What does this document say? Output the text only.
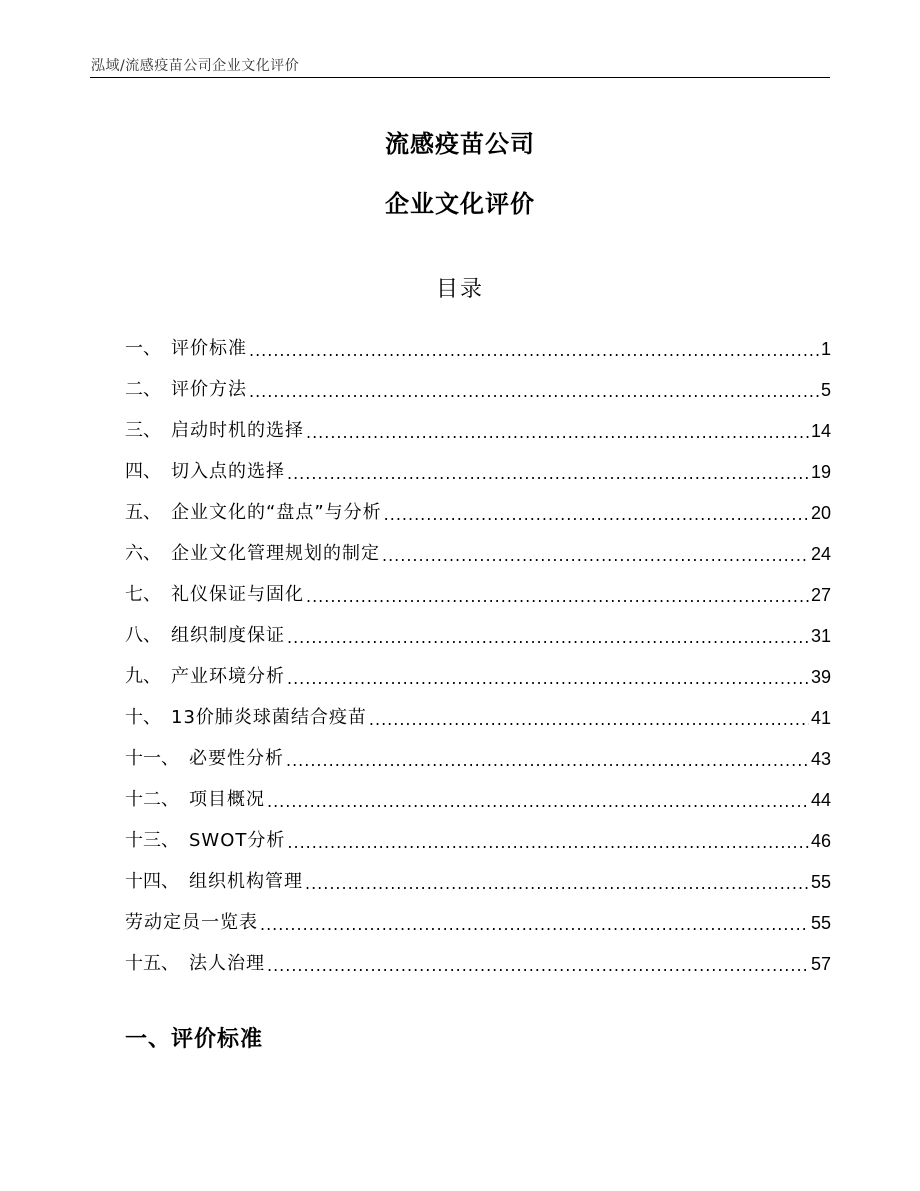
泓域/流感疫苗公司企业文化评价
流感疫苗公司
企业文化评价
目录
一、 评价标准 .....	1
二、 评价方法 .....	5
三、 启动时机的选择 .....	14
四、 切入点的选择 .....	19
五、 企业文化的“盘点”与分析 .....	20
六、 企业文化管理规划的制定 .....	24
七、 礼仪保证与固化 .....	27
八、 组织制度保证 .....	31
九、 产业环境分析 .....	39
十、 13价肺炎球菌结合疫苗 .....	41
十一、 必要性分析 .....	43
十二、 项目概况 .....	44
十三、 SWOT分析 .....	46
十四、 组织机构管理 .....	55
劳动定员一览表 .....	55
十五、 法人治理 .....	57
一、评价标准
